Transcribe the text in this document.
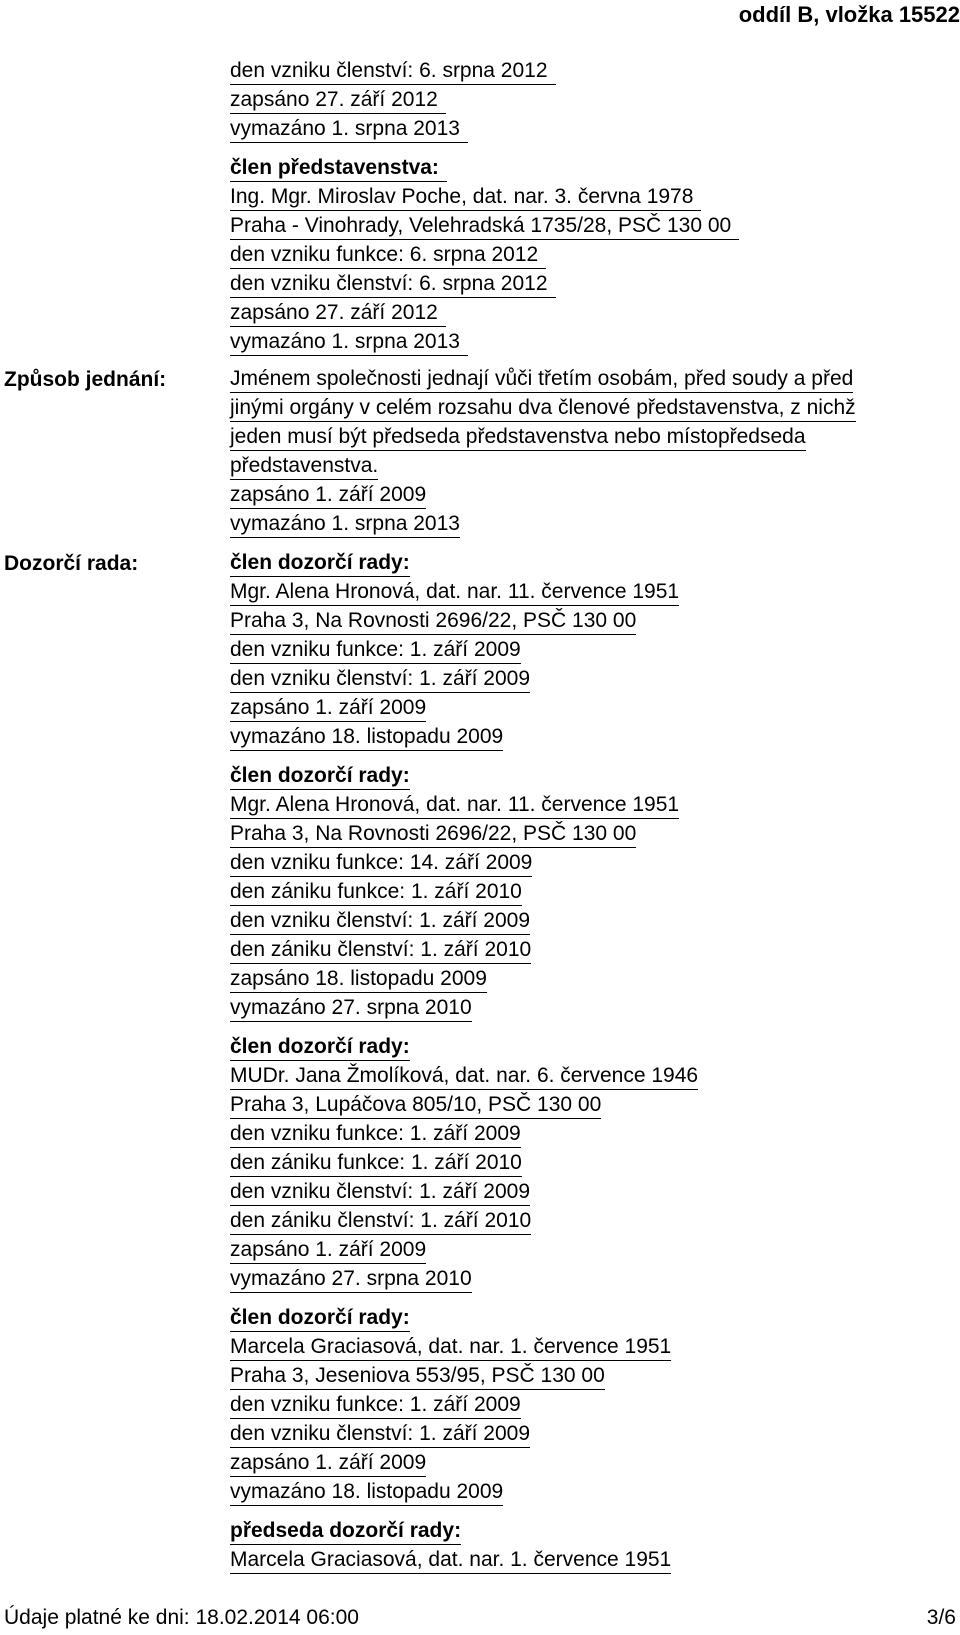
oddíl B, vložka 15522
den vzniku členství: 6. srpna 2012
zapsáno 27. září 2012
vymazáno 1. srpna 2013
člen představenstva:
Ing. Mgr. Miroslav Poche, dat. nar. 3. června 1978
Praha - Vinohrady, Velehradská 1735/28, PSČ 130 00
den vzniku funkce: 6. srpna 2012
den vzniku členství: 6. srpna 2012
zapsáno 27. září 2012
vymazáno 1. srpna 2013
Způsob jednání:	Jménem společnosti jednají vůči třetím osobám, před soudy a před
jinými orgány v celém rozsahu dva členové představenstva, z nichž
jeden musí být předseda představenstva nebo místopředseda
představenstva.
zapsáno 1. září 2009
vymazáno 1. srpna 2013
Dozorčí rada:	člen dozorčí rady:
Mgr. Alena Hronová, dat. nar. 11. července 1951
Praha 3, Na Rovnosti 2696/22, PSČ 130 00
den vzniku funkce: 1. září 2009
den vzniku členství: 1. září 2009
zapsáno 1. září 2009
vymazáno 18. listopadu 2009
člen dozorčí rady:
Mgr. Alena Hronová, dat. nar. 11. července 1951
Praha 3, Na Rovnosti 2696/22, PSČ 130 00
den vzniku funkce: 14. září 2009
den zániku funkce: 1. září 2010
den vzniku členství: 1. září 2009
den zániku členství: 1. září 2010
zapsáno 18. listopadu 2009
vymazáno 27. srpna 2010
člen dozorčí rady:
MUDr. Jana Žmolíková, dat. nar. 6. července 1946
Praha 3, Lupáčova 805/10, PSČ 130 00
den vzniku funkce: 1. září 2009
den zániku funkce: 1. září 2010
den vzniku členství: 1. září 2009
den zániku členství: 1. září 2010
zapsáno 1. září 2009
vymazáno 27. srpna 2010
člen dozorčí rady:
Marcela Graciasová, dat. nar. 1. července 1951
Praha 3, Jeseniova 553/95, PSČ 130 00
den vzniku funkce: 1. září 2009
den vzniku členství: 1. září 2009
zapsáno 1. září 2009
vymazáno 18. listopadu 2009
předseda dozorčí rady:
Marcela Graciasová, dat. nar. 1. července 1951
Údaje platné ke dni: 18.02.2014 06:00	3/6
